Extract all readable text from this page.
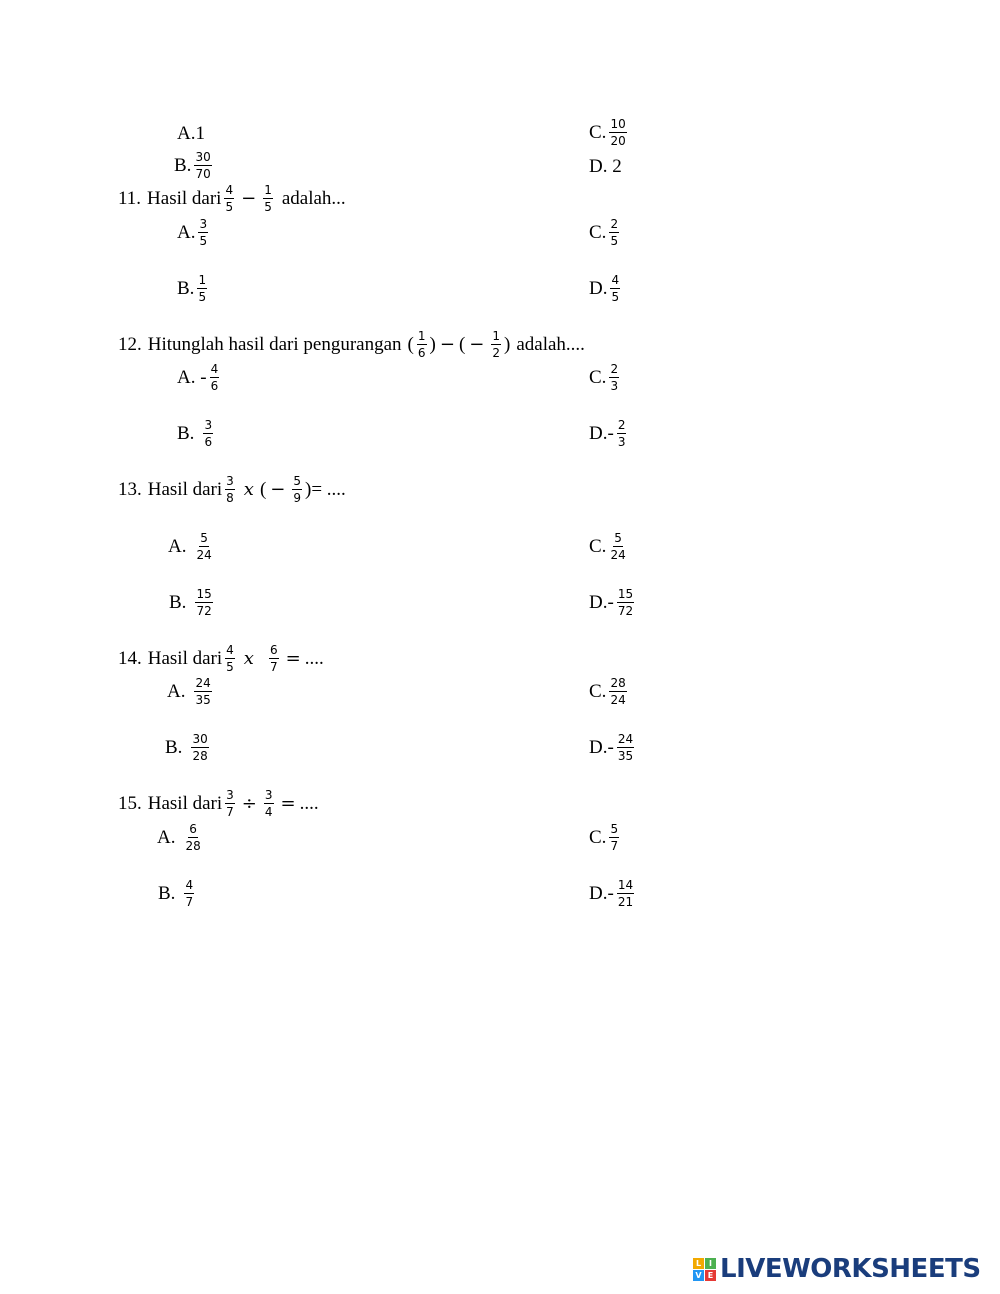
A.1
B. $\frac{30}{70}$
C. $\frac{10}{20}$
D. 2
11. Hasil dari $\frac{4}{5} - \frac{1}{5}$ adalah...
A. $\frac{3}{5}$
B. $\frac{1}{5}$
C. $\frac{2}{5}$
D. $\frac{4}{5}$
12. Hitunglah hasil dari pengurangan ( $\frac{1}{6}$ ) − ( − $\frac{1}{2}$ ) adalah....
A. - $\frac{4}{6}$
B. $\frac{3}{6}$
C. $\frac{2}{3}$
$D.- \frac{2}{3}$
13. Hasil dari $\frac{3}{8}$ x ( − $\frac{5}{9}$ ) = ....
A. $\frac{5}{24}$
B. $\frac{15}{72}$
C. $\frac{5}{24}$
$D.- \frac{15}{72}$
14. Hasil dari $\frac{4}{5}$ x $\frac{6}{7}$ = ....
A. $\frac{24}{35}$
B. $\frac{30}{28}$
C. $\frac{28}{24}$
$D.- \frac{24}{35}$
15. Hasil dari $\frac{3}{7} \div \frac{3}{4}$ = ....
A. $\frac{6}{28}$
B. $\frac{4}{7}$
C. $\frac{5}{7}$
$D.- \frac{14}{21}$
L I
V E LIVEWORKSHEETS
